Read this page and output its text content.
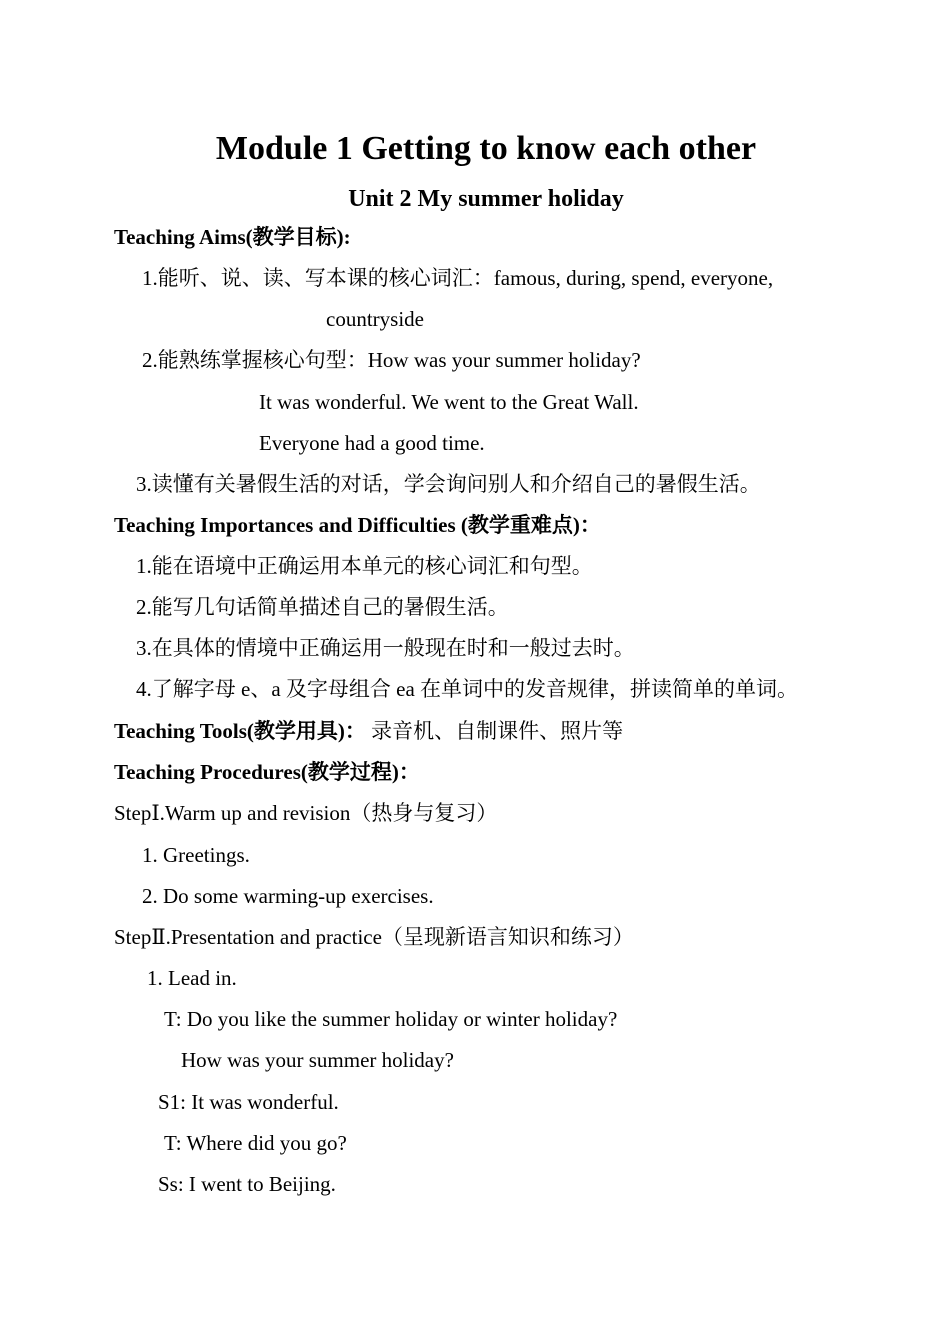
Module 1 Getting to know each other
Unit 2 My summer holiday
Teaching Aims(教学目标):
1.能听、说、读、写本课的核心词汇：famous, during, spend, everyone,
countryside
2.能熟练掌握核心句型：How was your summer holiday?
It was wonderful. We went to the Great Wall.
Everyone had a good time.
3.读懂有关暑假生活的对话，学会询问别人和介绍自己的暑假生活。
Teaching Importances and Difficulties (教学重难点)：
1.能在语境中正确运用本单元的核心词汇和句型。
2.能写几句话简单描述自己的暑假生活。
3.在具体的情境中正确运用一般现在时和一般过去时。
4.了解字母 e、a 及字母组合 ea 在单词中的发音规律，拼读简单的单词。
Teaching Tools(教学用具)： 录音机、自制课件、照片等
Teaching Procedures(教学过程)：
StepⅠ.Warm up and revision（热身与复习）
1. Greetings.
2. Do some warming-up exercises.
StepⅡ.Presentation and practice（呈现新语言知识和练习）
1. Lead in.
T: Do you like the summer holiday or winter holiday?
How was your summer holiday?
S1: It was wonderful.
T: Where did you go?
Ss: I went to Beijing.
